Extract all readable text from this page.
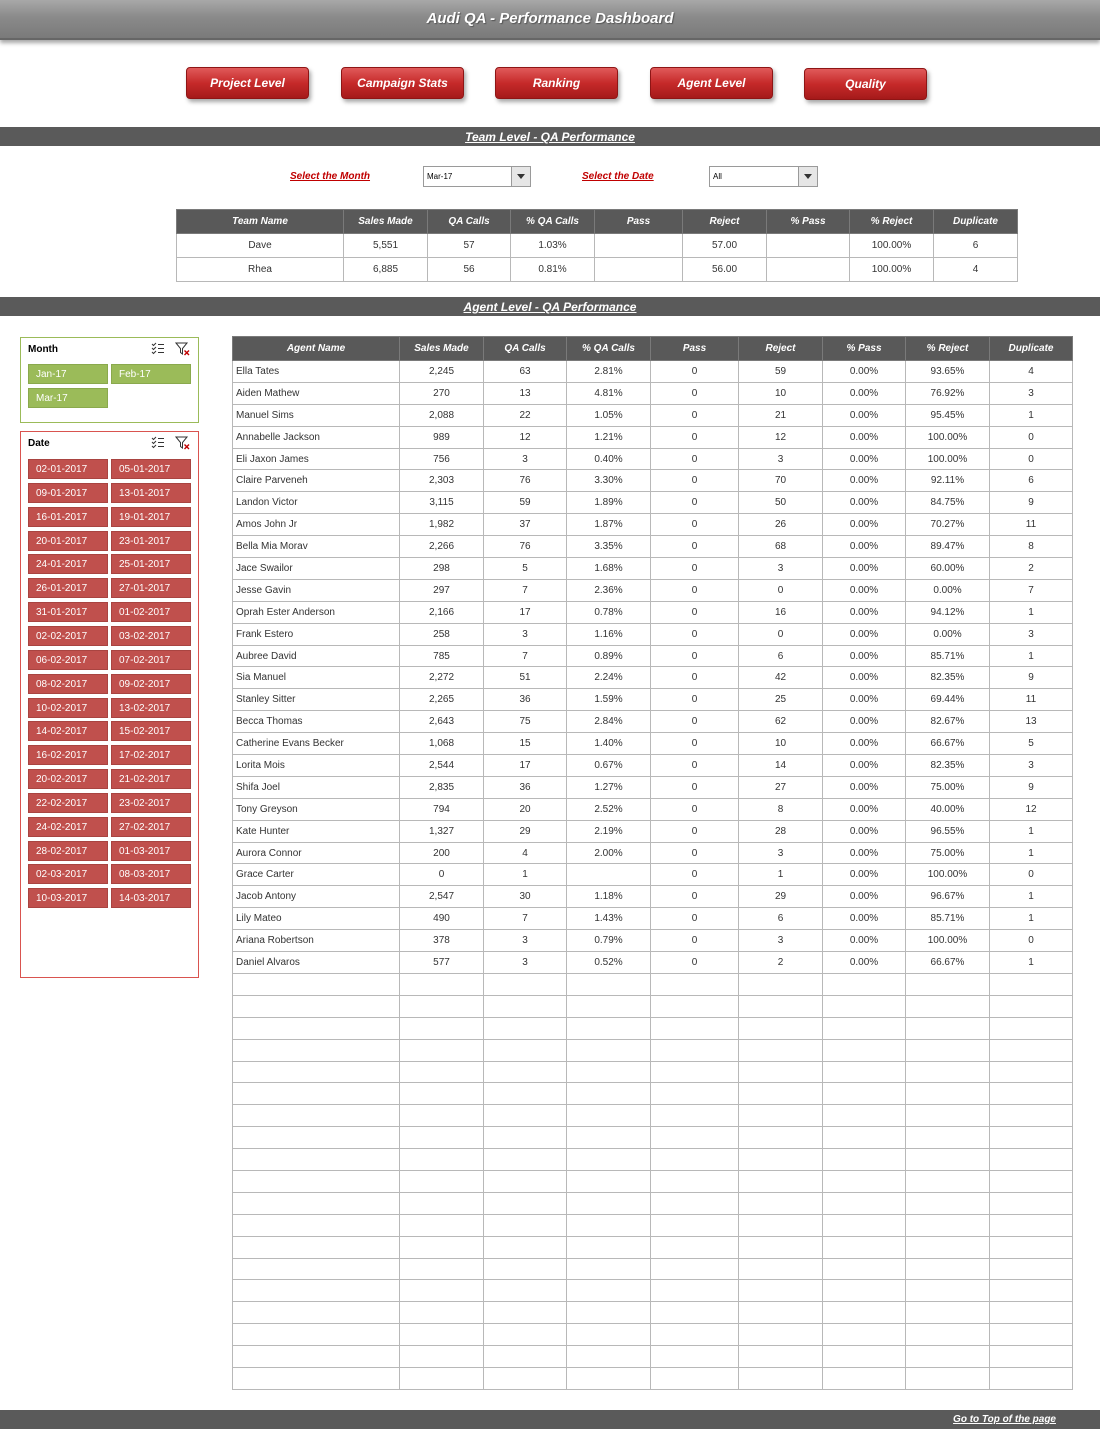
Audi QA - Performance Dashboard
Project Level	Campaign Stats	Ranking	Agent Level	Quality
Team Level - QA Performance
Select the Month	Mar-17	Select the Date	All
Team Name	Sales Made	QA Calls	% QA Calls	Pass	Reject	% Pass	% Reject	Duplicate
Dave	5,551	57	1.03%		57.00		100.00%	6
Rhea	6,885	56	0.81%		56.00		100.00%	4
Agent Level - QA Performance
Month
Jan-17	Feb-17
Mar-17
Date
02-01-2017	05-01-2017
09-01-2017	13-01-2017
16-01-2017	19-01-2017
20-01-2017	23-01-2017
24-01-2017	25-01-2017
26-01-2017	27-01-2017
31-01-2017	01-02-2017
02-02-2017	03-02-2017
06-02-2017	07-02-2017
08-02-2017	09-02-2017
10-02-2017	13-02-2017
14-02-2017	15-02-2017
16-02-2017	17-02-2017
20-02-2017	21-02-2017
22-02-2017	23-02-2017
24-02-2017	27-02-2017
28-02-2017	01-03-2017
02-03-2017	08-03-2017
10-03-2017	14-03-2017
Agent Name	Sales Made	QA Calls	% QA Calls	Pass	Reject	% Pass	% Reject	Duplicate
Ella Tates	2,245	63	2.81%	0	59	0.00%	93.65%	4
Aiden Mathew	270	13	4.81%	0	10	0.00%	76.92%	3
Manuel Sims	2,088	22	1.05%	0	21	0.00%	95.45%	1
Annabelle Jackson	989	12	1.21%	0	12	0.00%	100.00%	0
Eli Jaxon James	756	3	0.40%	0	3	0.00%	100.00%	0
Claire Parveneh	2,303	76	3.30%	0	70	0.00%	92.11%	6
Landon Victor	3,115	59	1.89%	0	50	0.00%	84.75%	9
Amos John Jr	1,982	37	1.87%	0	26	0.00%	70.27%	11
Bella Mia Morav	2,266	76	3.35%	0	68	0.00%	89.47%	8
Jace Swailor	298	5	1.68%	0	3	0.00%	60.00%	2
Jesse Gavin	297	7	2.36%	0	0	0.00%	0.00%	7
Oprah Ester Anderson	2,166	17	0.78%	0	16	0.00%	94.12%	1
Frank Estero	258	3	1.16%	0	0	0.00%	0.00%	3
Aubree David	785	7	0.89%	0	6	0.00%	85.71%	1
Sia Manuel	2,272	51	2.24%	0	42	0.00%	82.35%	9
Stanley Sitter	2,265	36	1.59%	0	25	0.00%	69.44%	11
Becca Thomas	2,643	75	2.84%	0	62	0.00%	82.67%	13
Catherine Evans Becker	1,068	15	1.40%	0	10	0.00%	66.67%	5
Lorita Mois	2,544	17	0.67%	0	14	0.00%	82.35%	3
Shifa Joel	2,835	36	1.27%	0	27	0.00%	75.00%	9
Tony Greyson	794	20	2.52%	0	8	0.00%	40.00%	12
Kate Hunter	1,327	29	2.19%	0	28	0.00%	96.55%	1
Aurora Connor	200	4	2.00%	0	3	0.00%	75.00%	1
Grace Carter	0	1		0	1	0.00%	100.00%	0
Jacob Antony	2,547	30	1.18%	0	29	0.00%	96.67%	1
Lily Mateo	490	7	1.43%	0	6	0.00%	85.71%	1
Ariana Robertson	378	3	0.79%	0	3	0.00%	100.00%	0
Daniel Alvaros	577	3	0.52%	0	2	0.00%	66.67%	1

Go to Top of the page
